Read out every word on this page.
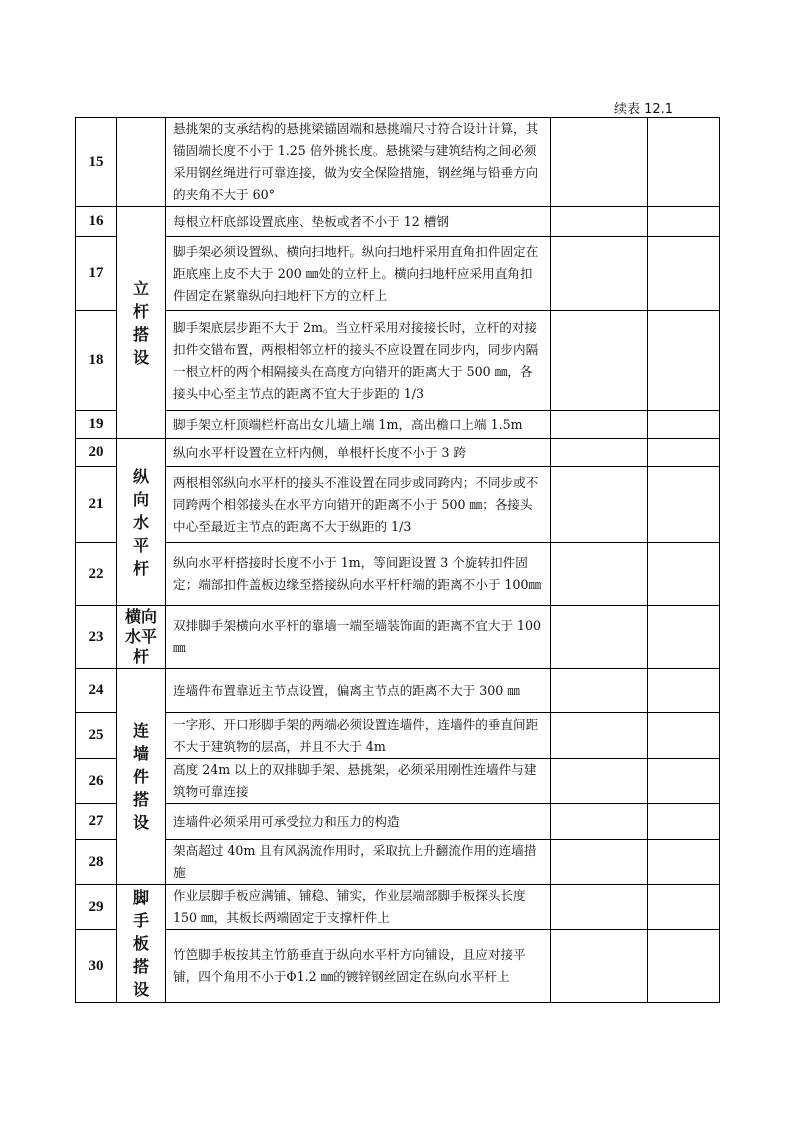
续表 12.1
15		悬挑架的支承结构的悬挑梁锚固端和悬挑端尺寸符合设计计算，其锚固端长度不小于 1.25 倍外挑长度。悬挑梁与建筑结构之间必须采用钢丝绳进行可靠连接，做为安全保险措施，钢丝绳与铅垂方向的夹角不大于 60°		
16	立杆搭设	每根立杆底部设置底座、垫板或者不小于 12 槽钢		
17		脚手架必须设置纵、横向扫地杆。纵向扫地杆采用直角扣件固定在距底座上皮不大于 200 ㎜处的立杆上。横向扫地杆应采用直角扣件固定在紧靠纵向扫地杆下方的立杆上		
18		脚手架底层步距不大于 2m。当立杆采用对接接长时，立杆的对接扣件交错布置，两根相邻立杆的接头不应设置在同步内，同步内隔一根立杆的两个相隔接头在高度方向错开的距离大于 500 ㎜，各接头中心至主节点的距离不宜大于步距的 1/3		
19		脚手架立杆顶端栏杆高出女儿墙上端 1m，高出檐口上端 1.5m		
20	纵向水平杆	纵向水平杆设置在立杆内侧，单根杆长度不小于 3 跨		
21		两根相邻纵向水平杆的接头不准设置在同步或同跨内；不同步或不同跨两个相邻接头在水平方向错开的距离不小于 500 ㎜；各接头中心至最近主节点的距离不大于纵距的 1/3		
22		纵向水平杆搭接时长度不小于 1m，等间距设置 3 个旋转扣件固定；端部扣件盖板边缘至搭接纵向水平杆杆端的距离不小于 100㎜		
23	横向水平杆	双排脚手架横向水平杆的靠墙一端至墙装饰面的距离不宜大于 100 ㎜		
24	连墙件搭设	连墙件布置靠近主节点设置，偏离主节点的距离不大于 300 ㎜		
25		一字形、开口形脚手架的两端必须设置连墙件，连墙件的垂直间距不大于建筑物的层高，并且不大于 4m		
26		高度 24m 以上的双排脚手架、悬挑架，必须采用刚性连墙件与建筑物可靠连接		
27		连墙件必须采用可承受拉力和压力的构造		
28		架高超过 40m 且有风涡流作用时，采取抗上升翻流作用的连墙措施		
29	脚手板搭设	作业层脚手板应满铺、铺稳、铺实，作业层端部脚手板探头长度 150 ㎜，其板长两端固定于支撑杆件上		
30		竹笆脚手板按其主竹筋垂直于纵向水平杆方向铺设，且应对接平铺，四个角用不小于Φ1.2 ㎜的镀锌钢丝固定在纵向水平杆上		
